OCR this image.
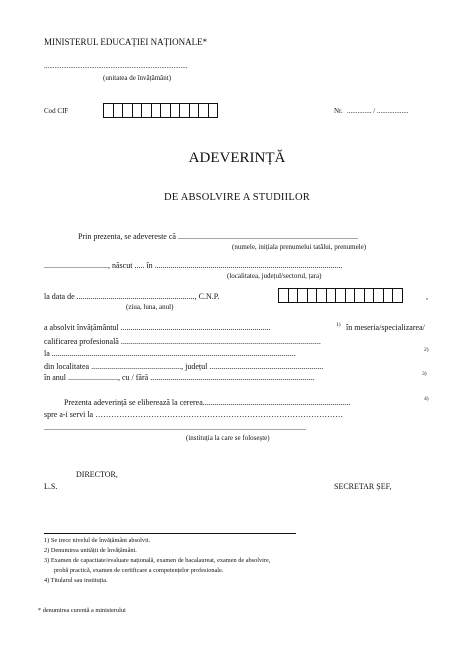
MINISTERUL EDUCAȚIEI NAȚIONALE*
..................................................................................
(unitatea de învățământ)
Cod CIF	Nr. .............. / ..................
ADEVERINȚĂ
DE ABSOLVIRE A STUDIILOR
Prin prezenta, se adevereste că ..........................................................................................
(numele, inițiala prenumelui tatălui, prenumele)
................................, născut ..... în ..............................................................................................
(localitatea, județul/sectorul, țara)
la data de ..........................................................., C.N.P.	,
(ziua, luna, anul)
a absolvit învățământul ...........................................................................	1) în meseria/specializarea/
calificarea profesională ....................................................................................................
la ..........................................................................................................................	2)
din localitatea ............................................., județul .........................................................
în anul ........................., cu / fără ..................................................................................	3)
Prezenta adeverință se eliberează la cererea..........................................................................	4)
spre a-i servi la …………………………………………………………………………………
...................................................................................................................................
(instituția la care se folosește)
DIRECTOR,
L.S.	SECRETAR ȘEF,
1) Se trece nivelul de învățământ absolvit.
2) Denumirea unității de învățământ.
3) Examen de capacitate/evaluare națională, examen de bacalaureat, examen de absolvire,
probă practică, examen de certificare a competențelor profesionale.
4) Titularul sau instituția.
* denumirea curentă a ministerului
